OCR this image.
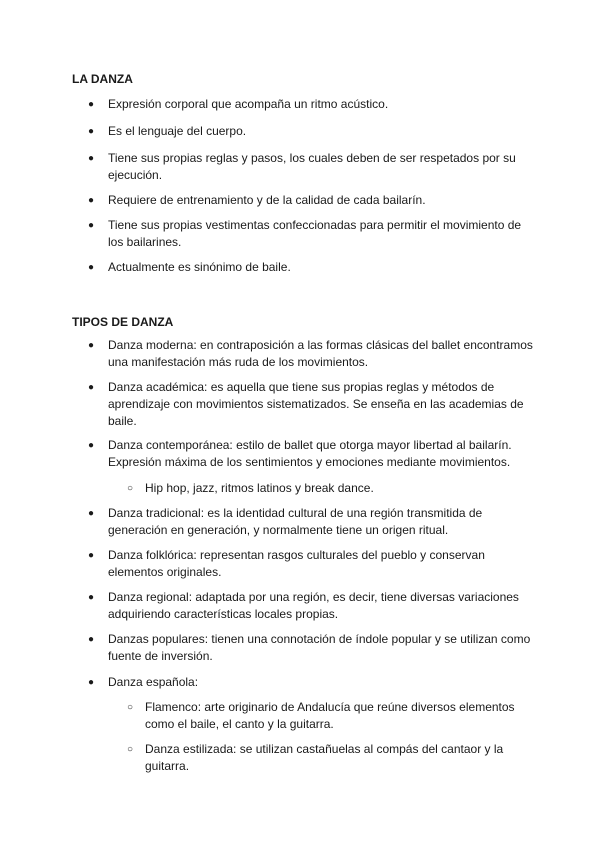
LA DANZA
● Expresión corporal que acompaña un ritmo acústico.
● Es el lenguaje del cuerpo.
● Tiene sus propias reglas y pasos, los cuales deben de ser respetados por su ejecución.
● Requiere de entrenamiento y de la calidad de cada bailarín.
● Tiene sus propias vestimentas confeccionadas para permitir el movimiento de los bailarines.
● Actualmente es sinónimo de baile.
TIPOS DE DANZA
● Danza moderna: en contraposición a las formas clásicas del ballet encontramos una manifestación más ruda de los movimientos.
● Danza académica: es aquella que tiene sus propias reglas y métodos de aprendizaje con movimientos sistematizados. Se enseña en las academias de baile.
● Danza contemporánea: estilo de ballet que otorga mayor libertad al bailarín. Expresión máxima de los sentimientos y emociones mediante movimientos.
○ Hip hop, jazz, ritmos latinos y break dance.
● Danza tradicional: es la identidad cultural de una región transmitida de generación en generación, y normalmente tiene un origen ritual.
● Danza folklórica: representan rasgos culturales del pueblo y conservan elementos originales.
● Danza regional: adaptada por una región, es decir, tiene diversas variaciones adquiriendo características locales propias.
● Danzas populares: tienen una connotación de índole popular y se utilizan como fuente de inversión.
● Danza española:
○ Flamenco: arte originario de Andalucía que reúne diversos elementos como el baile, el canto y la guitarra.
○ Danza estilizada: se utilizan castañuelas al compás del cantaor y la guitarra.
